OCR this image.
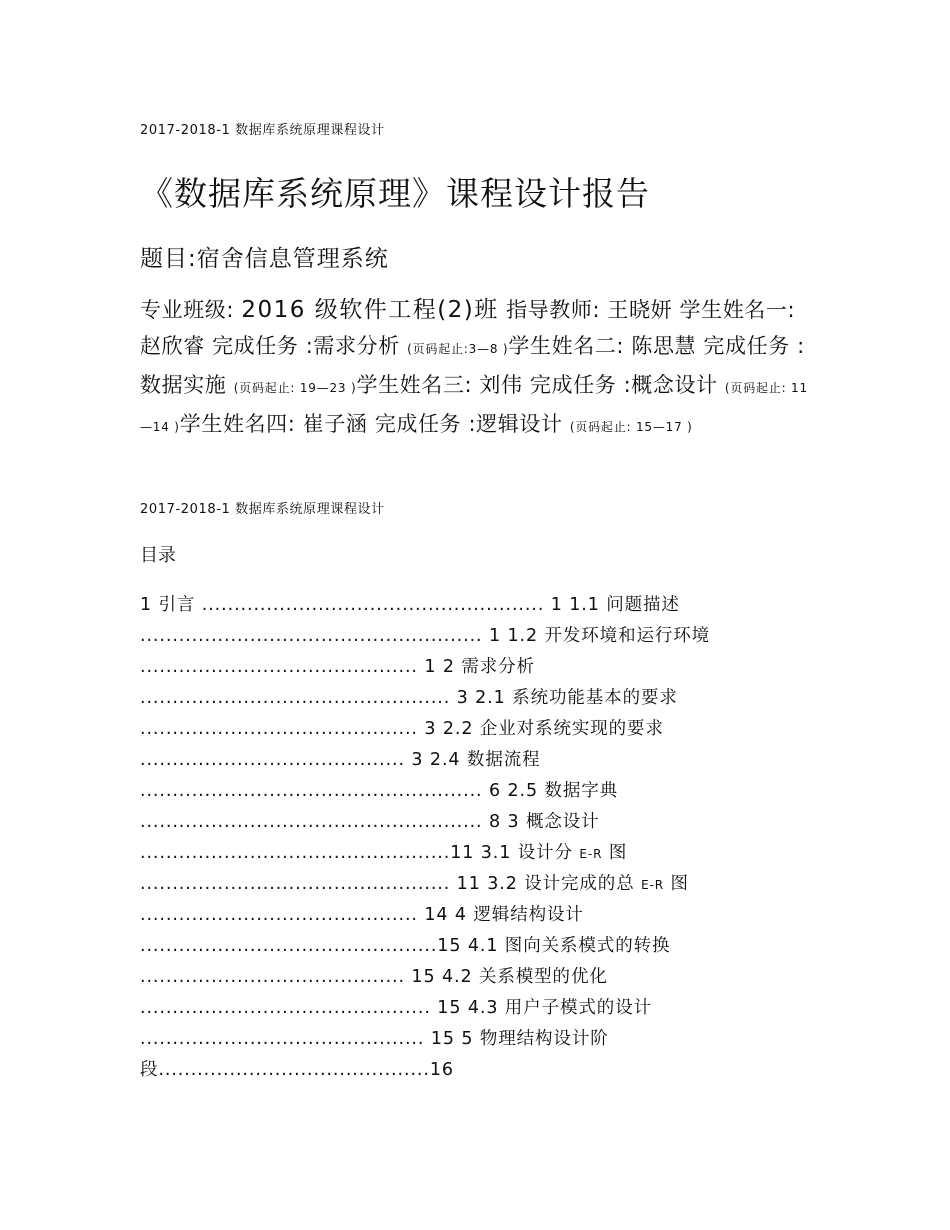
2017-2018-1 数据库系统原理课程设计
《数据库系统原理》课程设计报告
题目:宿舍信息管理系统
专业班级: 2016 级软件工程(2)班 指导教师: 王晓妍 学生姓名一: 赵欣睿 完成任务 :需求分析 (页码起止:3—8 )学生姓名二: 陈思慧 完成任务 :数据实施 (页码起止: 19—23 )学生姓名三: 刘伟 完成任务 :概念设计 (页码起止: 11—14 )学生姓名四: 崔子涵 完成任务 :逻辑设计 (页码起止: 15—17 )
2017-2018-1 数据库系统原理课程设计
目录
1 引言 ..................................................... 1 1.1 问题描述
..................................................... 1 1.2 开发环境和运行环境
........................................... 1 2 需求分析
................................................ 3 2.1 系统功能基本的要求
........................................... 3 2.2 企业对系统实现的要求
......................................... 3 2.4 数据流程
..................................................... 6 2.5 数据字典
..................................................... 8 3 概念设计
................................................11 3.1 设计分 E-R 图
................................................ 11 3.2 设计完成的总 E-R 图
........................................... 14 4 逻辑结构设计
..............................................15 4.1 图向关系模式的转换
......................................... 15 4.2 关系模型的优化
............................................. 15 4.3 用户子模式的设计
............................................ 15 5 物理结构设计阶
段..........................................16
